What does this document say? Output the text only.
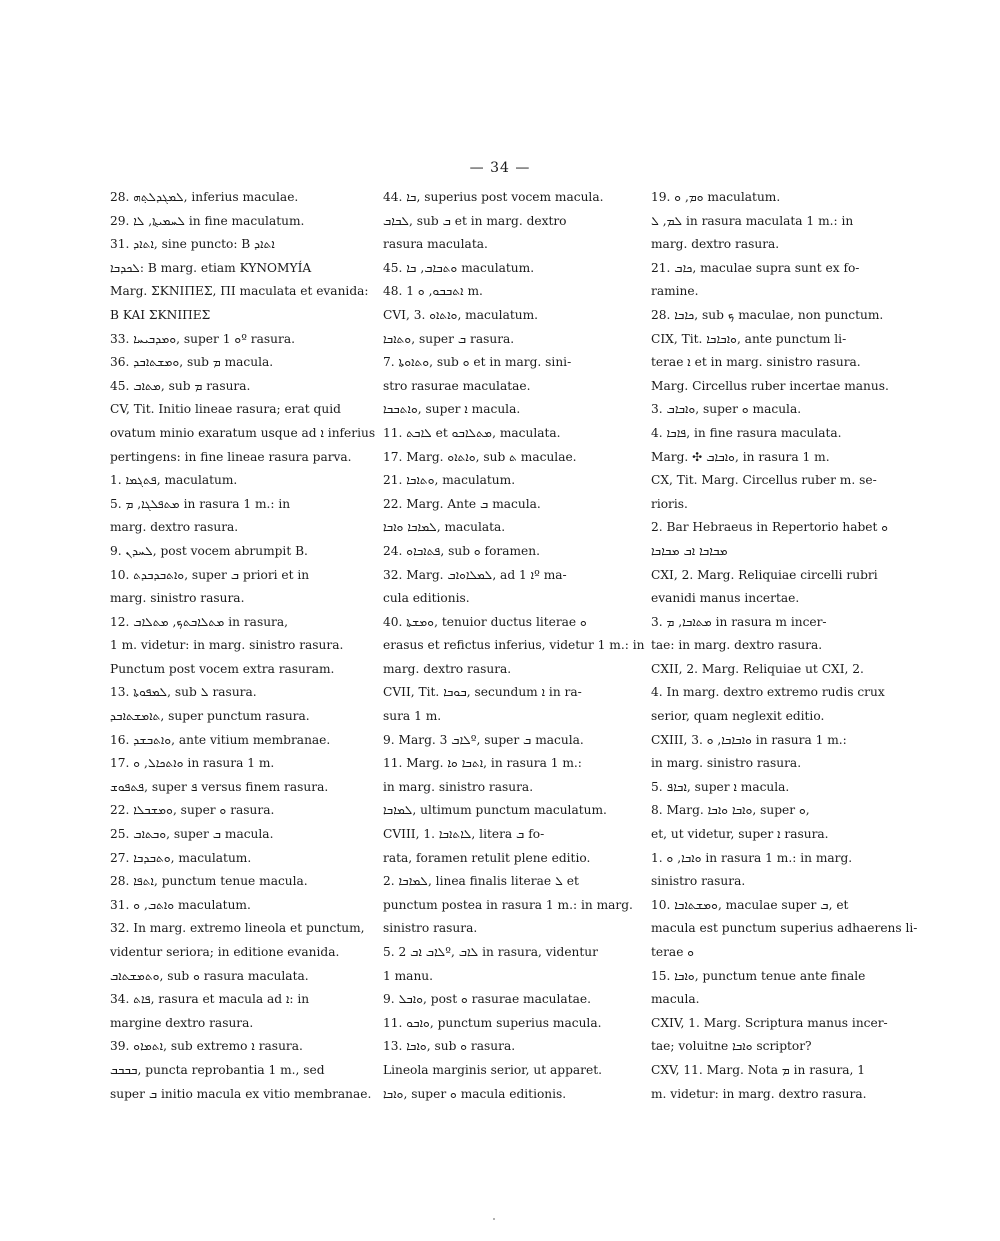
— 34 —
28. ܠܡܓܕܠܬ݂ܗ, inferius maculae.
29. ܠܚܡܝܬ݂ܐ, ܠܐ in fine maculatum.
31. ܐܬܐܕ, sine puncto: B ܐܬܐܕ
ܠܟܕܒܐ: B marg. etiam KYNOMYÍA
Marg. ΣΚΝΙΠΕΣ, ΠΙ maculata et evanida:
B KAI ΣΚΝΙΠΕΣ
33. ܘܡܕܒܝܚܐ, super ܘ 1º rasura.
36. ܘܡܫܬܐܒܕ, sub ܡ macula.
45. ܡܬܐܒ, sub ܡ rasura.
CV, Tit. Initio lineae rasura; erat quid
ovatum minio exaratum usque ad ܐ inferius
pertingens: in fine lineae rasura parva.
1. ܦܬܓܡܐ, maculatum.
5. ܡܬܦܠܓܐ, ܡ in rasura 1 m.: in
marg. dextro rasura.
9. ܠܚܕܢ, post vocem abrumpit B.
10. ܘܐܬܒܕܒܕܬ, super ܒ priori et in
marg. sinistro rasura.
12. ܡܬܠܐܒܬܟ, ܡܬܠܐܒ in rasura,
1 m. videtur: in marg. sinistro rasura.
Punctum post vocem extra rasuram.
13. ܠܡܦܘܬܐ, sub ܠ rasura.
ܬܐܡܫܬܐܒܕ, super punctum rasura.
16. ܘܐܬܒܫܕ, ante vitium membranae.
17. ܘܐܬܟܐܠ, ܘ in rasura 1 m.
ܦܬܦܘܫ, super ܦ versus finem rasura.
22. ܘܡܫܒܠܐ, super ܘ rasura.
25. ܘܒܬܐܒ, super ܒ macula.
27. ܘܬܒܕܒܐ, maculatum.
28. ܐܬܦܐ, punctum tenue macula.
31. ܘܐܬܒ, ܘ maculatum.
32. In marg. extremo lineola et punctum,
videntur seriora; in editione evanida.
ܘܬܡܫܬܐܒ, sub ܘ rasura maculata.
34. ܦܐܬ, rasura et macula ad ܐ: in
margine dextro rasura.
39. ܐܬܡܐܘ, sub extremo ܐ rasura.
ܒܒܒܒ, puncta reprobantia 1 m., sed
super ܒ initio macula ex vitio membranae.
44. ܒܐ, superius post vocem macula.
ܠܒܐܒ, sub ܒ et in marg. dextro
rasura maculata.
45. ܘܬܒܐܒ, ܒܐ maculatum.
48. ܐܬܒܒܘ, ܘ 1 m.
CVI, 3. ܘܐܬܐܘ, maculatum.
ܘܬܐܒܐ, super ܒ rasura.
7. ܘܬܐܘܬܐ, sub ܘ et in marg. sini-
stro rasurae maculatae.
ܘܐܬܒܒܐ, super ܐ macula.
11. ܠܐܒܬ et ܡܬܠܐܒܘ, maculata.
17. Marg. ܘܐܬܐܘ, sub ܬ maculae.
21. ܘܬܐܒܐ, maculatum.
22. Marg. Ante ܒ macula.
ܠܡܐܒܐ ܘܐܒܐ, maculata.
24. ܦܬܐܒܐܘ, sub ܘ foramen.
32. Marg. ܠܡܠܐܘܐܒ, ad ܐ 1º ma-
cula editionis.
40. ܘܡܫܬܐ, tenuior ductus literae ܘ
erasus et refictus inferius, videtur 1 m.: in
marg. dextro rasura.
CVII, Tit. ܒܘܒܐ, secundum ܐ in ra-
sura 1 m.
9. Marg. ܠܐܒ 3º, super ܒ macula.
11. Marg. ܐܬܒܐ ܘܐ, in rasura 1 m.:
in marg. sinistro rasura.
ܠܡܐܒܐ, ultimum punctum maculatum.
CVIII, 1. ܠܐܬܐܒܐ, litera ܒ fo-
rata, foramen retulit plene editio.
2. ܠܡܐܒܐ, linea finalis literae ܠ et
punctum postea in rasura 1 m.: in marg.
sinistro rasura.
5. ܠܐܒ ܐܒ 2º, ܠܐܒ in rasura, videntur
1 manu.
9. ܘܐܒܠ, post ܘ rasurae maculatae.
11. ܘܐܒܘ, punctum superius macula.
13. ܘܐܒܐ, sub ܘ rasura.
Lineola marginis serior, ut apparet.
ܘܐܒܐ, super ܘ macula editionis.
19. ܘܡ, ܘ maculatum.
ܠܡ, ܠ in rasura maculata 1 m.: in
marg. dextro rasura.
21. ܟܐܒ, maculae supra sunt ex fo-
ramine.
28. ܟܐܒܐ, sub ܟ maculae, non punctum.
CIX, Tit. ܘܐܒܐܒܐ, ante punctum li-
terae ܐ et in marg. sinistro rasura.
Marg. Circellus ruber incertae manus.
3. ܘܐܒܐܒ, super ܘ macula.
4. ܦܐܒܐ, in fine rasura maculata.
Marg. ✣ ܘܐܒܐܒ, in rasura 1 m.
CX, Tit. Marg. Circellus ruber m. se-
rioris.
2. Bar Hebraeus in Repertorio habet ܘ
ܡܒܐܒܐ ܐܒ ܡܒܐܒܐ
CXI, 2. Marg. Reliquiae circelli rubri
evanidi manus incertae.
3. ܡܬܐܒܐ, ܡ in rasura m incer-
tae: in marg. dextro rasura.
CXII, 2. Marg. Reliquiae ut CXI, 2.
4. In marg. dextro extremo rudis crux
serior, quam neglexit editio.
CXIII, 3. ܘܐܒܐܒܐ, ܘ in rasura 1 m.:
in marg. sinistro rasura.
5. ܐܒܐܦ, super ܐ macula.
8. Marg. ܘܐܒܐ ܘܐܒܐ, super ܘ,
et, ut videtur, super ܐ rasura.
1. ܘܐܒܐ, ܘ in rasura 1 m.: in marg.
sinistro rasura.
10. ܘܡܫܬܐܒܐ, maculae super ܒ, et
macula est punctum superius adhaerens li-
terae ܘ
15. ܘܐܒܐ, punctum tenue ante finale
macula.
CXIV, 1. Marg. Scriptura manus incer-
tae; voluitne ܘܐܒܐ scriptor?
CXV, 11. Marg. Nota ܡ in rasura, 1
m. videtur: in marg. dextro rasura.
